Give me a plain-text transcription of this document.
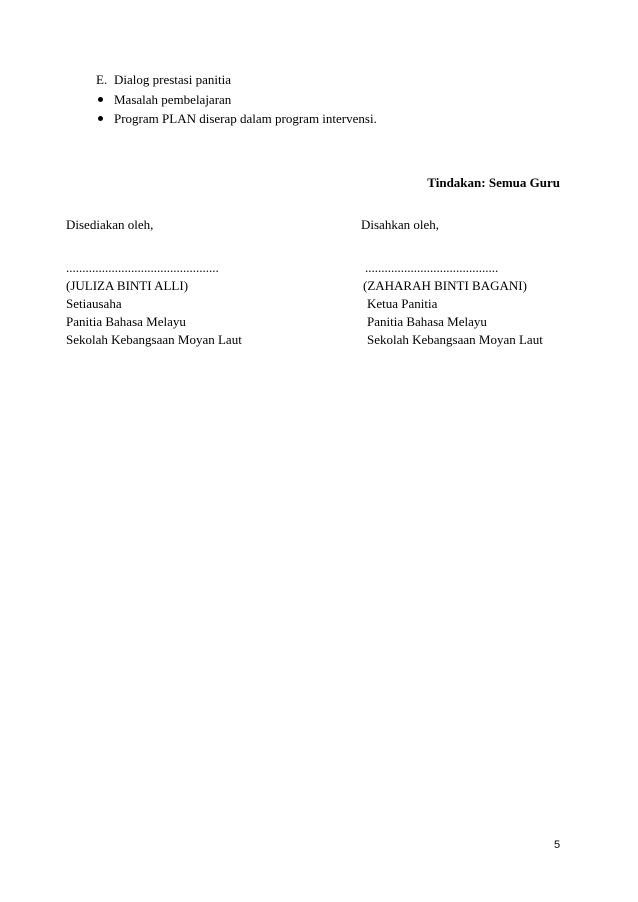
E. Dialog prestasi panitia
Masalah pembelajaran
Program PLAN diserap dalam program intervensi.
Tindakan: Semua Guru
Disediakan oleh,
...............................................
(JULIZA BINTI ALLI)
Setiausaha
Panitia Bahasa Melayu
Sekolah Kebangsaan Moyan Laut
Disahkan oleh,
.........................................
(ZAHARAH BINTI BAGANI)
Ketua Panitia
Panitia Bahasa Melayu
Sekolah Kebangsaan Moyan Laut
5
